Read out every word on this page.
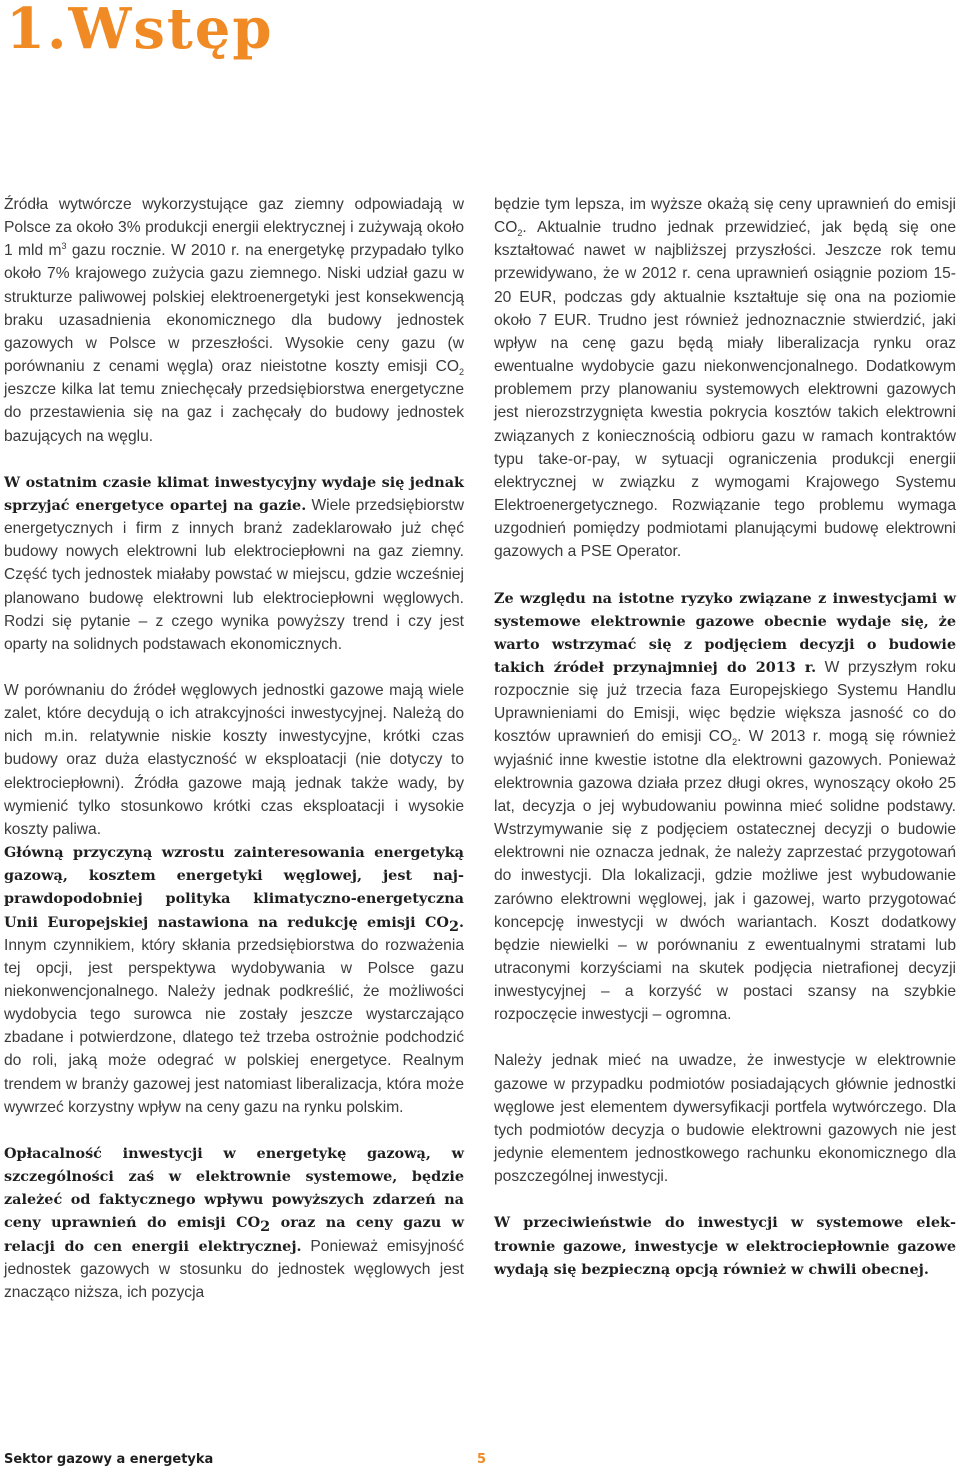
1.Wstęp

Źródła wytwórcze wykorzystujące gaz ziemny odpowiadają w Polsce za około 3% produkcji energii elektrycznej i zużywają około 1 mld $m^3$ gazu rocznie. W 2010 r. na energetykę przypadało tylko około 7% krajowego zużycia gazu ziemnego. Niski udział gazu w strukturze paliwowej polskiej elektroenergetyki jest konsekwencją braku uzasadnienia ekonomicznego dla budowy jednostek gazowych w Polsce w przeszłości. Wysokie ceny gazu (w porównaniu z cenami węgla) oraz nieistotne koszty emisji $CO_2$ jeszcze kilka lat temu zniechęcały przedsiębiorstwa energetyczne do przestawienia się na gaz i zachęcały do budowy jednostek bazujących na węglu.

W ostatnim czasie klimat inwestycyjny wydaje się jednak sprzyjać energetyce opartej na gazie. Wiele przedsiębiorstw energetycznych i firm z innych branż zadeklarowało już chęć budowy nowych elektrowni lub elektrociepłowni na gaz ziemny. Część tych jednostek miałaby powstać w miejscu, gdzie wcześniej planowano budowę elektrowni lub elektrociepłowni węglowych. Rodzi się pytanie – z czego wynika powyższy trend i czy jest oparty na solidnych podstawach ekonomicznych.

W porównaniu do źródeł węglowych jednostki gazowe mają wiele zalet, które decydują o ich atrakcyjności inwestycyjnej. Należą do nich m.in. relatywnie niskie koszty inwestycyjne, krótki czas budowy oraz duża elastyczność w eksploatacji (nie dotyczy to elektrociepłowni). Źródła gazowe mają jednak także wady, by wymienić tylko stosunkowo krótki czas eksploatacji i wysokie koszty paliwa.

Główną przyczyną wzrostu zainteresowania energetyką gazową, kosztem energetyki węglowej, jest najprawdopodobniej polityka klimatyczno-energetyczna Unii Europejskiej nastawiona na redukcję emisji $CO_2$. Innym czynnikiem, który skłania przedsiębiorstwa do rozważenia tej opcji, jest perspektywa wydobywania w Polsce gazu niekonwencjonalnego. Należy jednak podkreślić, że możliwości wydobycia tego surowca nie zostały jeszcze wystarczająco zbadane i potwierdzone, dlatego też trzeba ostrożnie podchodzić do roli, jaką może odegrać w polskiej energetyce. Realnym trendem w branży gazowej jest natomiast liberalizacja, która może wywrzeć korzystny wpływ na ceny gazu na rynku polskim.

Opłacalność inwestycji w energetykę gazową, w szczególności zaś w elektrownie systemowe, będzie zależeć od faktycznego wpływu powyższych zdarzeń na ceny uprawnień do emisji $CO_2$ oraz na ceny gazu w relacji do cen energii elektrycznej. Ponieważ emisyjność jednostek gazowych w stosunku do jednostek węglowych jest znacząco niższa, ich pozycja

będzie tym lepsza, im wyższe okażą się ceny uprawnień do emisji $CO_2$. Aktualnie trudno jednak przewidzieć, jak będą się one kształtować nawet w najbliższej przyszłości. Jeszcze rok temu przewidywano, że w 2012 r. cena uprawnień osiągnie poziom 15-20 EUR, podczas gdy aktualnie kształtuje się ona na poziomie około 7 EUR. Trudno jest również jednoznacznie stwierdzić, jaki wpływ na cenę gazu będą miały liberalizacja rynku oraz ewentualne wydobycie gazu niekonwencjonalnego. Dodatkowym problemem przy planowaniu systemowych elektrowni gazowych jest nierozstrzygnięta kwestia pokrycia kosztów takich elektrowni związanych z koniecznością odbioru gazu w ramach kontraktów typu take-or-pay, w sytuacji ograniczenia produkcji energii elektrycznej w związku z wymogami Krajowego Systemu Elektroenergetycznego. Rozwiązanie tego problemu wymaga uzgodnień pomiędzy podmiotami planującymi budowę elektrowni gazowych a PSE Operator.

Ze względu na istotne ryzyko związane z inwestycjami w systemowe elektrownie gazowe obecnie wydaje się, że warto wstrzymać się z podjęciem decyzji o budowie takich źródeł przynajmniej do 2013 r. W przyszłym roku rozpocznie się już trzecia faza Europejskiego Systemu Handlu Uprawnieniami do Emisji, więc będzie większa jasność co do kosztów uprawnień do emisji $CO_2$. W 2013 r. mogą się również wyjaśnić inne kwestie istotne dla elektrowni gazowych. Ponieważ elektrownia gazowa działa przez długi okres, wynoszący około 25 lat, decyzja o jej wybudowaniu powinna mieć solidne podstawy. Wstrzymywanie się z podjęciem ostatecznej decyzji o budowie elektrowni nie oznacza jednak, że należy zaprzestać przygotowań do inwestycji. Dla lokalizacji, gdzie możliwe jest wybudowanie zarówno elektrowni węglowej, jak i gazowej, warto przygotować koncepcję inwestycji w dwóch wariantach. Koszt dodatkowy będzie niewielki – w porównaniu z ewentualnymi stratami lub utraconymi korzyściami na skutek podjęcia nietrafionej decyzji inwestycyjnej – a korzyść w postaci szansy na szybkie rozpoczęcie inwestycji – ogromna.

Należy jednak mieć na uwadze, że inwestycje w elektrownie gazowe w przypadku podmiotów posiadających głównie jednostki węglowe jest elementem dywersyfikacji portfela wytwórczego. Dla tych podmiotów decyzja o budowie elektrowni gazowych nie jest jedynie elementem jednostkowego rachunku ekonomicznego dla poszczególnej inwestycji.

W przeciwieństwie do inwestycji w systemowe elektrownie gazowe, inwestycje w elektrociepłownie gazowe wydają się bezpieczną opcją również w chwili obecnej.

Sektor gazowy a energetyka	5
